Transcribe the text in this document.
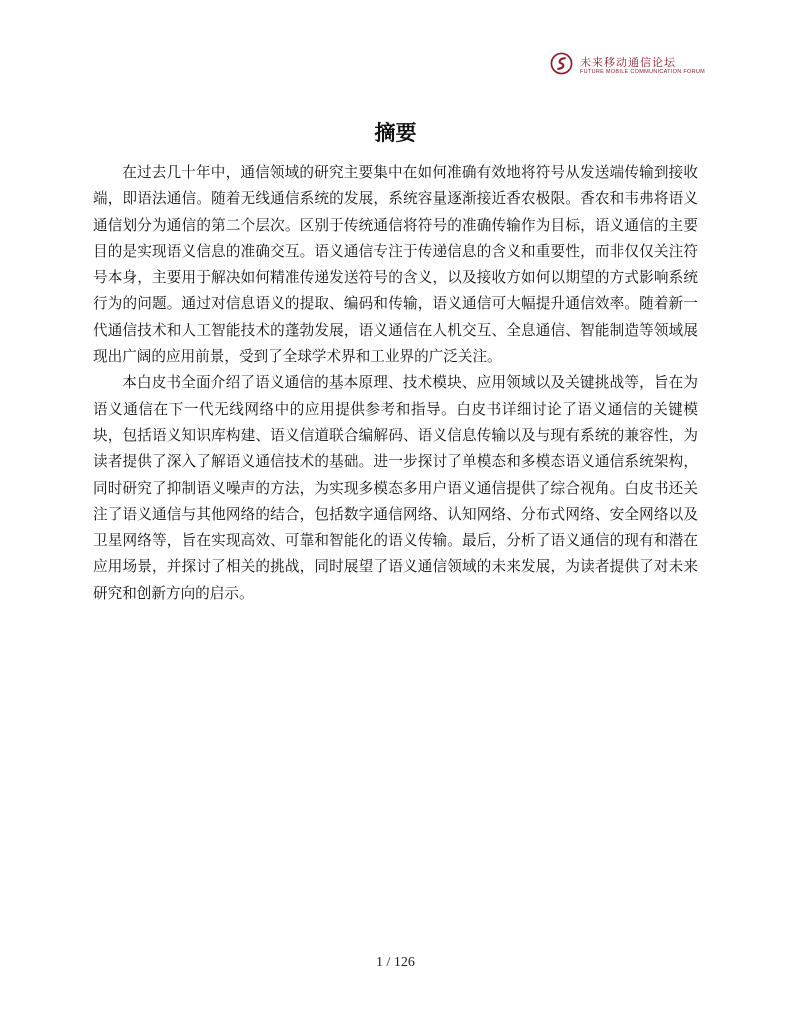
未来移动通信论坛
FUTURE MOBILE COMMUNICATION FORUM
摘要

在过去几十年中，通信领域的研究主要集中在如何准确有效地将符号从发送端传输到接收端，即语法通信。随着无线通信系统的发展，系统容量逐渐接近香农极限。香农和韦弗将语义通信划分为通信的第二个层次。区别于传统通信将符号的准确传输作为目标，语义通信的主要目的是实现语义信息的准确交互。语义通信专注于传递信息的含义和重要性，而非仅仅关注符号本身，主要用于解决如何精准传递发送符号的含义，以及接收方如何以期望的方式影响系统行为的问题。通过对信息语义的提取、编码和传输，语义通信可大幅提升通信效率。随着新一代通信技术和人工智能技术的蓬勃发展，语义通信在人机交互、全息通信、智能制造等领域展现出广阔的应用前景，受到了全球学术界和工业界的广泛关注。

本白皮书全面介绍了语义通信的基本原理、技术模块、应用领域以及关键挑战等，旨在为语义通信在下一代无线网络中的应用提供参考和指导。白皮书详细讨论了语义通信的关键模块，包括语义知识库构建、语义信道联合编解码、语义信息传输以及与现有系统的兼容性，为读者提供了深入了解语义通信技术的基础。进一步探讨了单模态和多模态语义通信系统架构，同时研究了抑制语义噪声的方法，为实现多模态多用户语义通信提供了综合视角。白皮书还关注了语义通信与其他网络的结合，包括数字通信网络、认知网络、分布式网络、安全网络以及卫星网络等，旨在实现高效、可靠和智能化的语义传输。最后，分析了语义通信的现有和潜在应用场景，并探讨了相关的挑战，同时展望了语义通信领域的未来发展，为读者提供了对未来研究和创新方向的启示。

1 / 126
